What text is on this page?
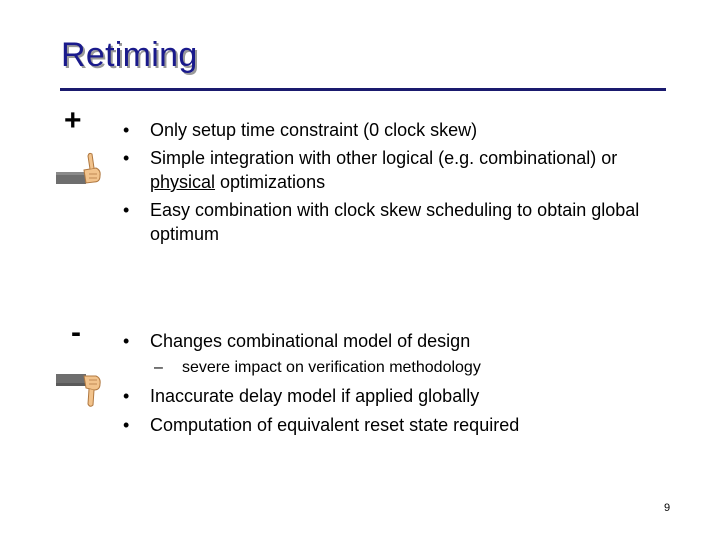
Retiming
+ • Only setup time constraint (0 clock skew)
• Simple integration with other logical (e.g. combinational) or
physical optimizations
• Easy combination with clock skew scheduling to obtain global
optimum
- • Changes combinational model of design
– severe impact on verification methodology
• Inaccurate delay model if applied globally
• Computation of equivalent reset state required
9
